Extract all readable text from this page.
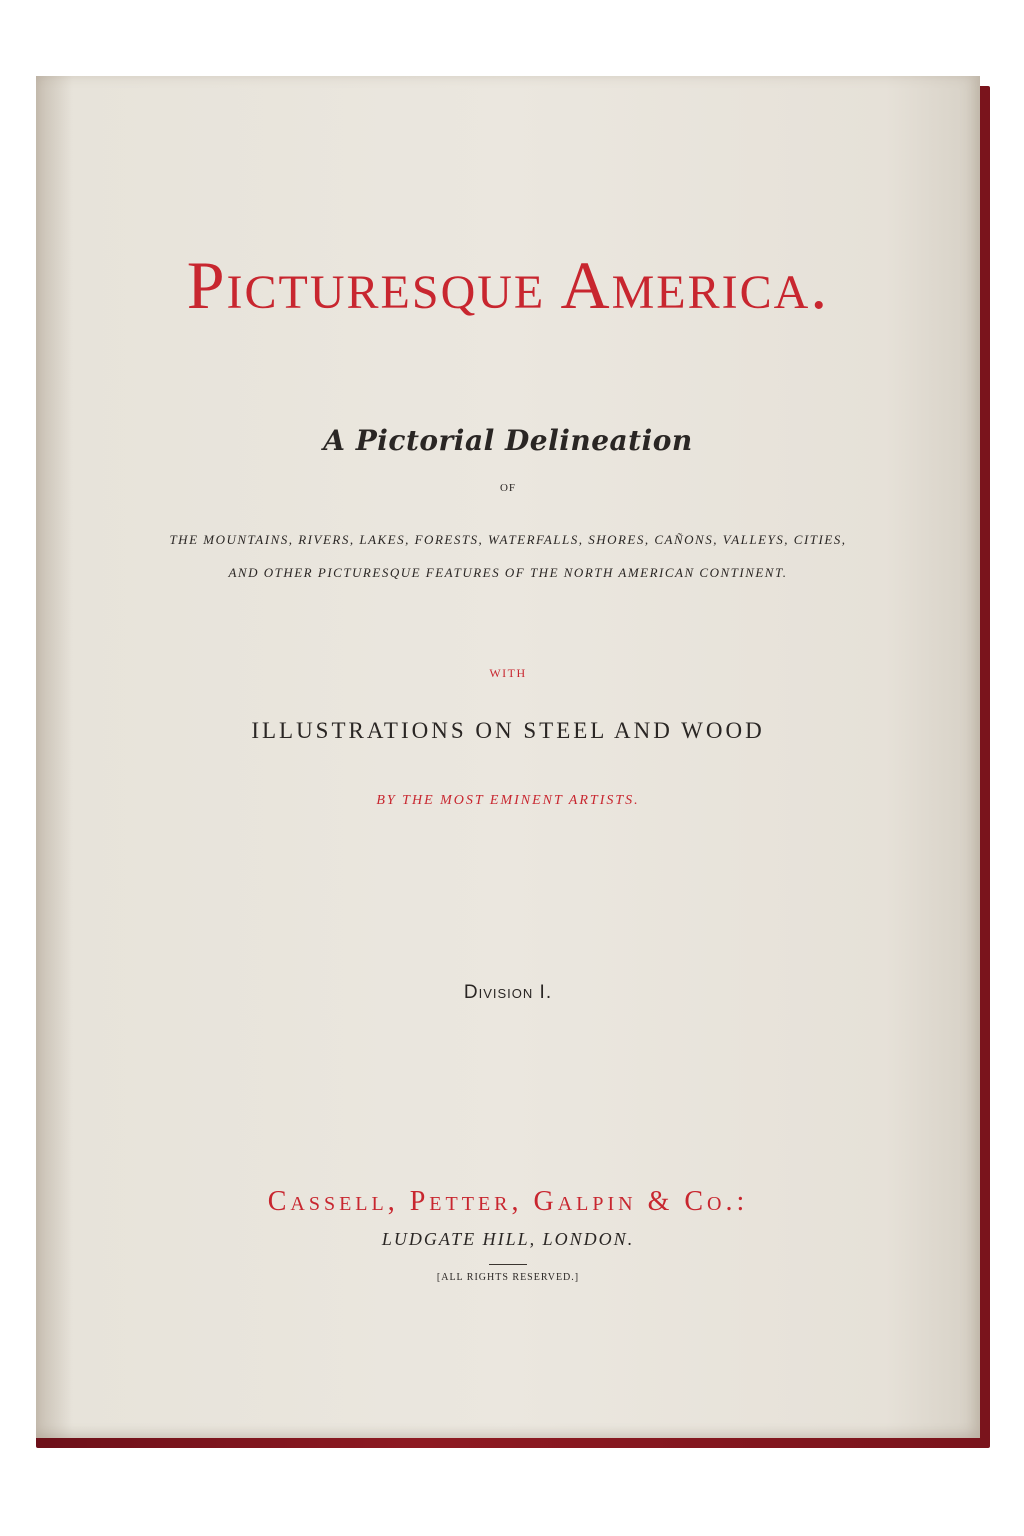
Picturesque America.
A Pictorial Delineation
OF
THE MOUNTAINS, RIVERS, LAKES, FORESTS, WATERFALLS, SHORES, CAÑONS, VALLEYS, CITIES,
AND OTHER PICTURESQUE FEATURES OF THE NORTH AMERICAN CONTINENT.
WITH
ILLUSTRATIONS ON STEEL AND WOOD
BY THE MOST EMINENT ARTISTS.
Division I.
Cassell, Petter, Galpin & Co.:
LUDGATE HILL, LONDON.
[ALL RIGHTS RESERVED.]
